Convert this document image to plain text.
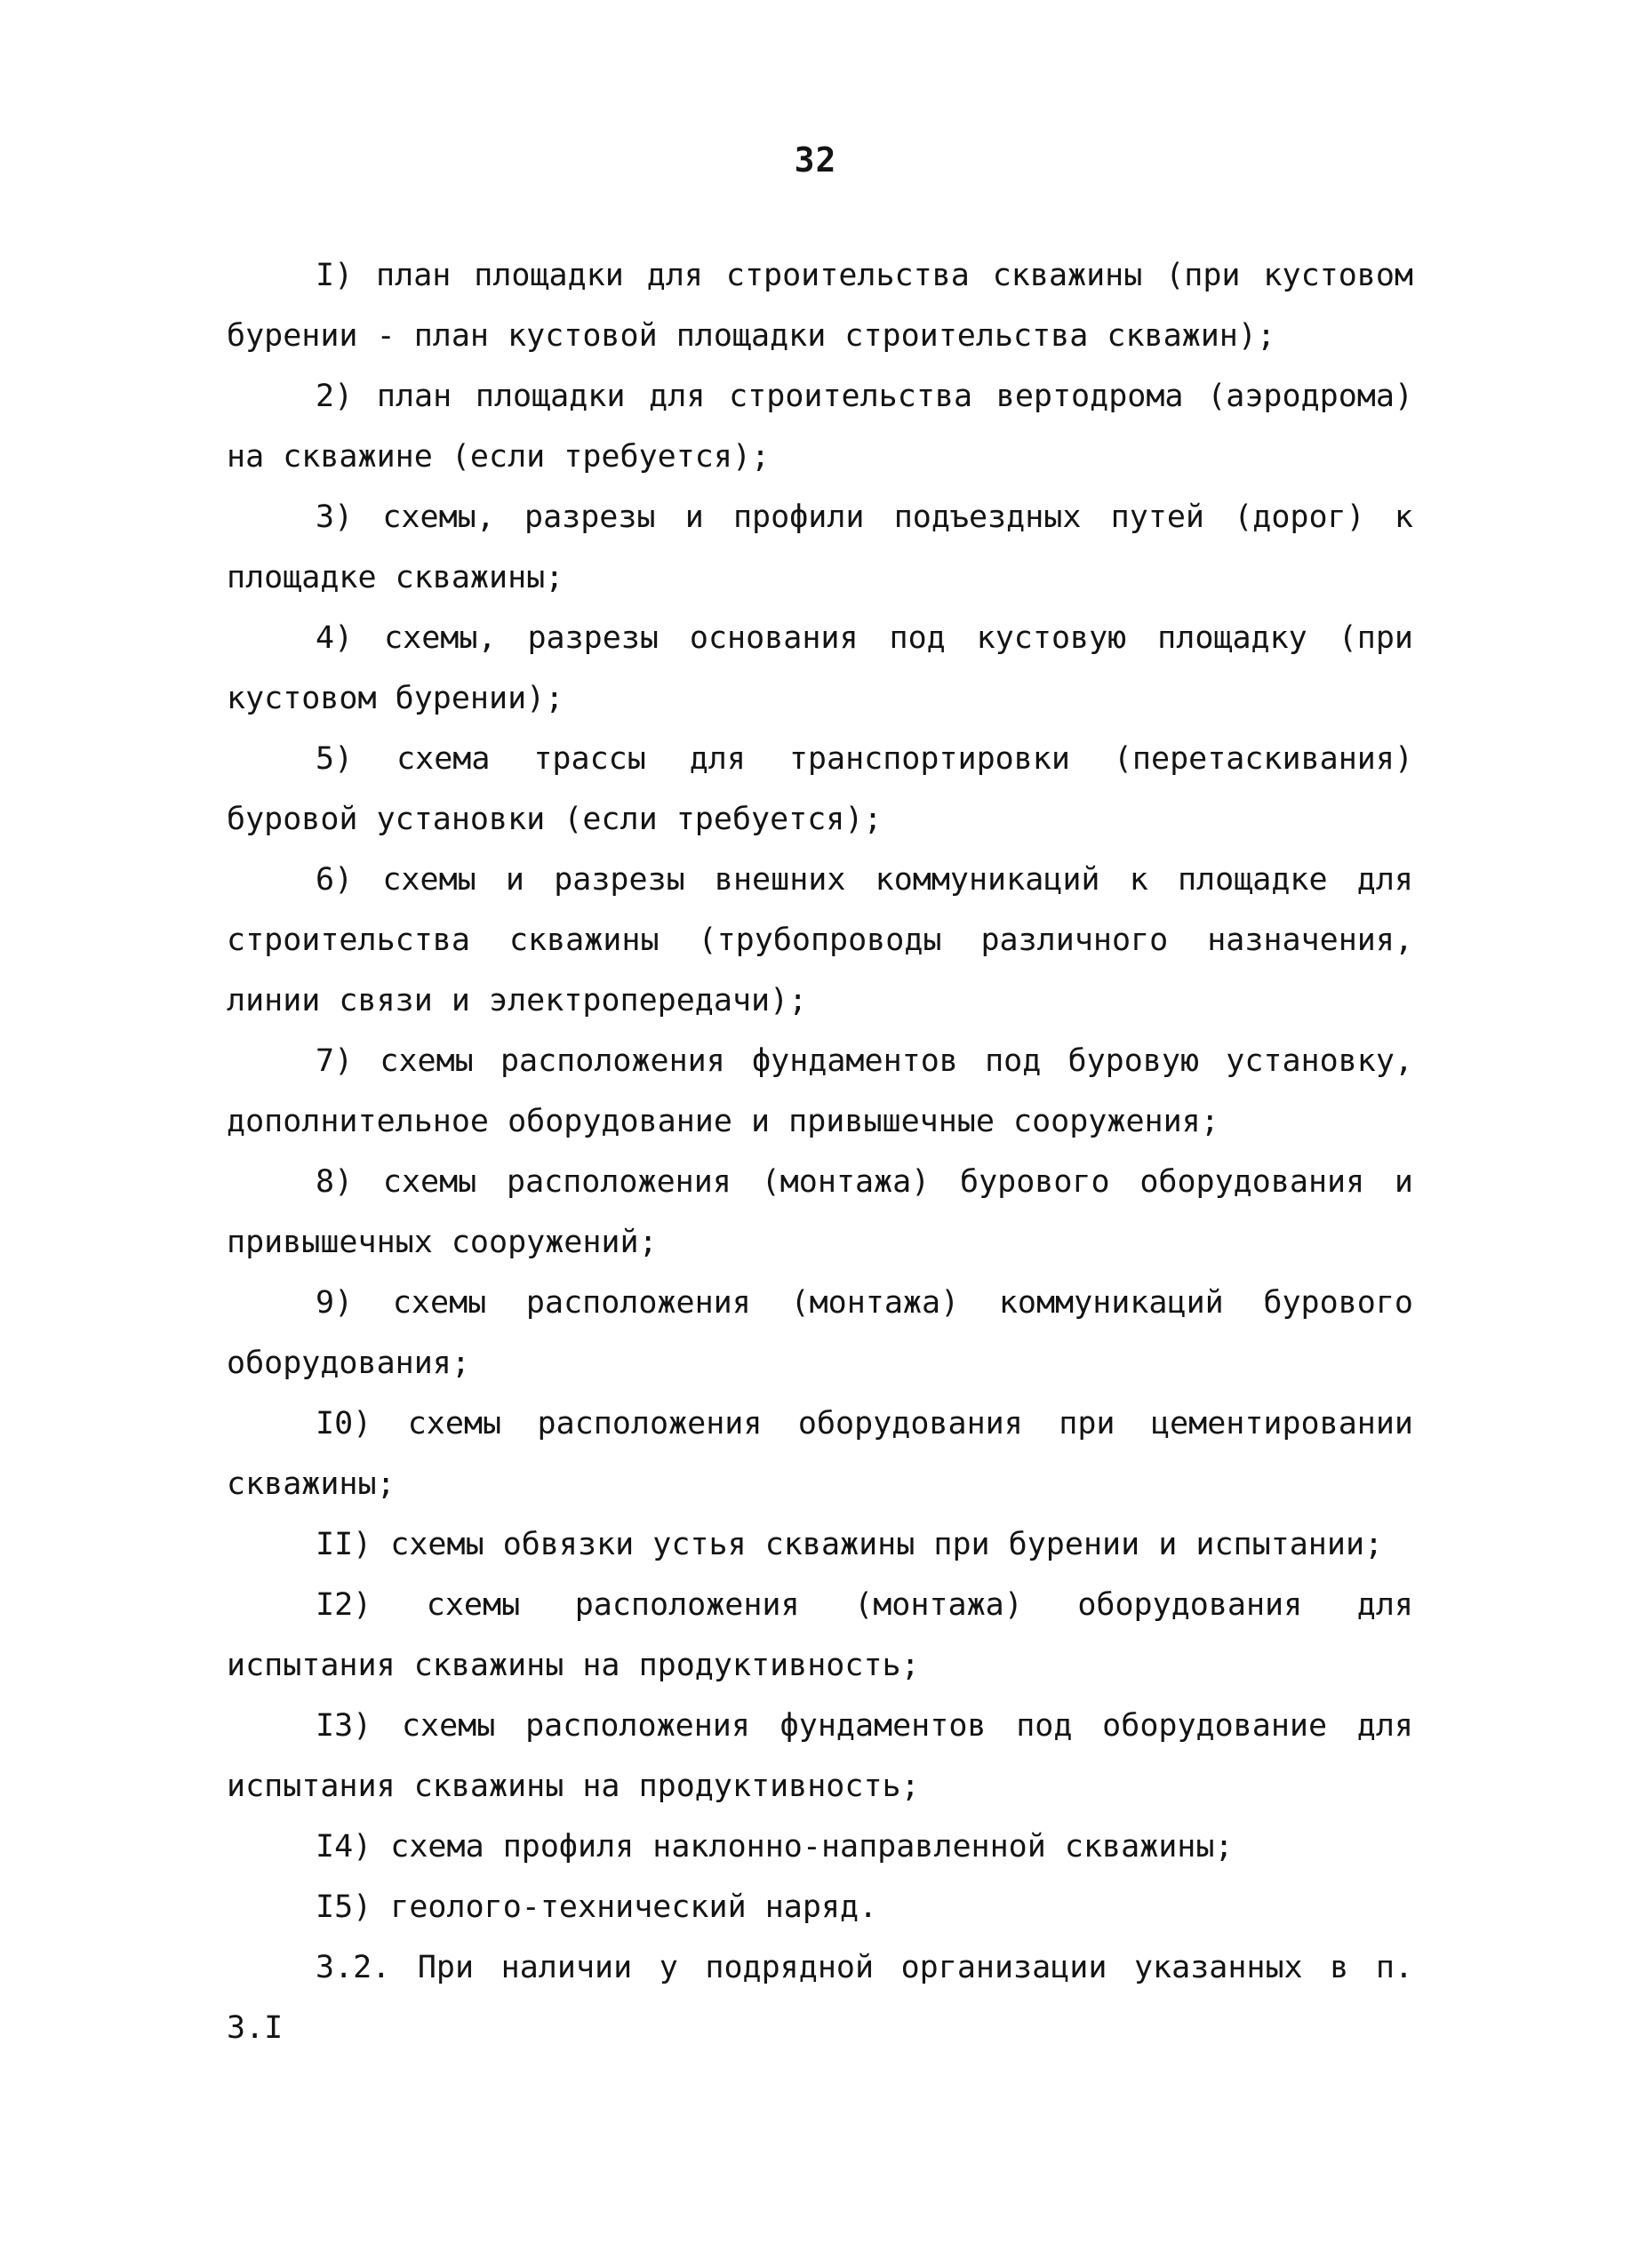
32

I) план площадки для строительства скважины (при кустовом бурении - план кустовой площадки строительства скважин);

2) план площадки для строительства вертодрома (аэродрома) на скважине (если требуется);

3) схемы, разрезы и профили подъездных путей (дорог) к площадке скважины;

4) схемы, разрезы основания под кустовую площадку (при кустовом бурении);

5) схема трассы для транспортировки (перетаскивания) буровой установки (если требуется);

6) схемы и разрезы внешних коммуникаций к площадке для строительства скважины (трубопроводы различного назначения, линии связи и электропередачи);

7) схемы расположения фундаментов под буровую установку, дополнительное оборудование и привышечные сооружения;

8) схемы расположения (монтажа) бурового оборудования и привышечных сооружений;

9) схемы расположения (монтажа) коммуникаций бурового оборудования;

I0) схемы расположения оборудования при цементировании скважины;

II) схемы обвязки устья скважины при бурении и испытании;

I2) схемы расположения (монтажа) оборудования для испытания скважины на продуктивность;

I3) схемы расположения фундаментов под оборудование для испытания скважины на продуктивность;

I4) схема профиля наклонно-направленной скважины;

I5) геолого-технический наряд.

3.2. При наличии у подрядной организации указанных в п. 3.I
